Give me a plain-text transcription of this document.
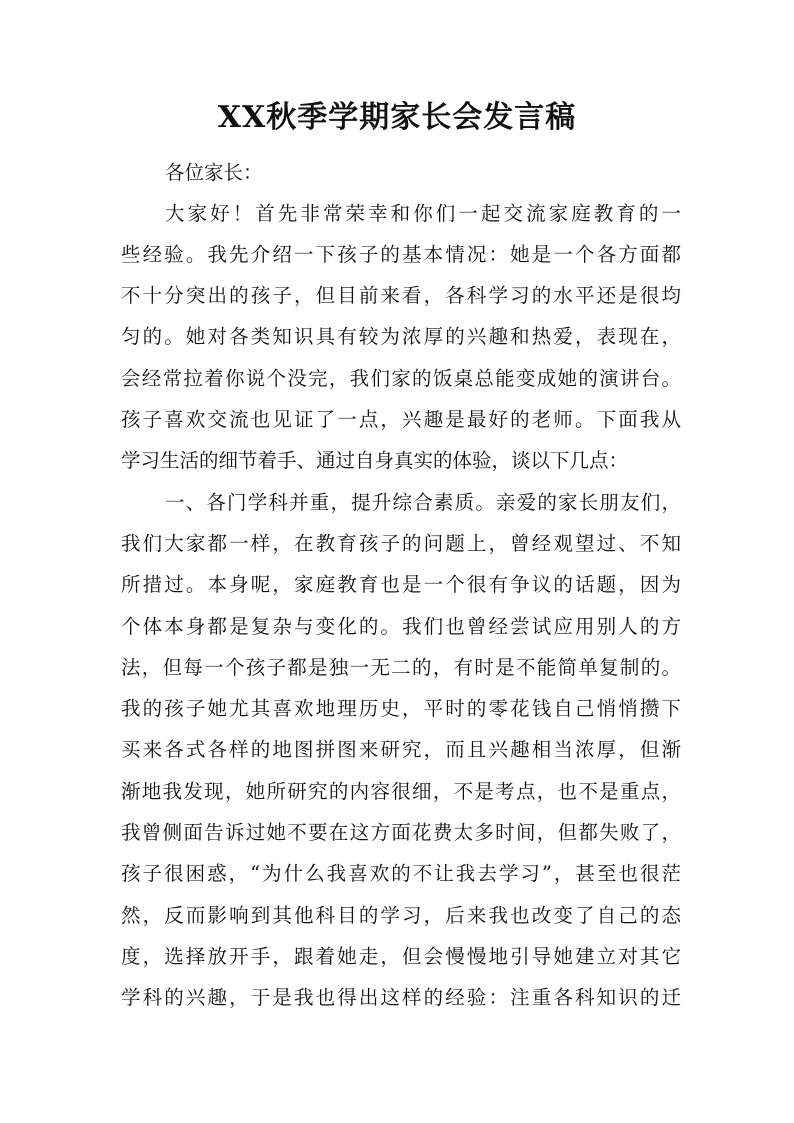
XX秋季学期家长会发言稿
各位家长：
大家好！首先非常荣幸和你们一起交流家庭教育的一
些经验。我先介绍一下孩子的基本情况：她是一个各方面都
不十分突出的孩子，但目前来看，各科学习的水平还是很均
匀的。她对各类知识具有较为浓厚的兴趣和热爱，表现在，
会经常拉着你说个没完，我们家的饭桌总能变成她的演讲台。
孩子喜欢交流也见证了一点，兴趣是最好的老师。下面我从
学习生活的细节着手、通过自身真实的体验，谈以下几点：
一、各门学科并重，提升综合素质。亲爱的家长朋友们，
我们大家都一样，在教育孩子的问题上，曾经观望过、不知
所措过。本身呢，家庭教育也是一个很有争议的话题，因为
个体本身都是复杂与变化的。我们也曾经尝试应用别人的方
法，但每一个孩子都是独一无二的，有时是不能简单复制的。
我的孩子她尤其喜欢地理历史，平时的零花钱自己悄悄攒下
买来各式各样的地图拼图来研究，而且兴趣相当浓厚，但渐
渐地我发现，她所研究的内容很细，不是考点，也不是重点，
我曾侧面告诉过她不要在这方面花费太多时间，但都失败了，
孩子很困惑，“为什么我喜欢的不让我去学习”，甚至也很茫
然，反而影响到其他科目的学习，后来我也改变了自己的态
度，选择放开手，跟着她走，但会慢慢地引导她建立对其它
学科的兴趣，于是我也得出这样的经验：注重各科知识的迁
